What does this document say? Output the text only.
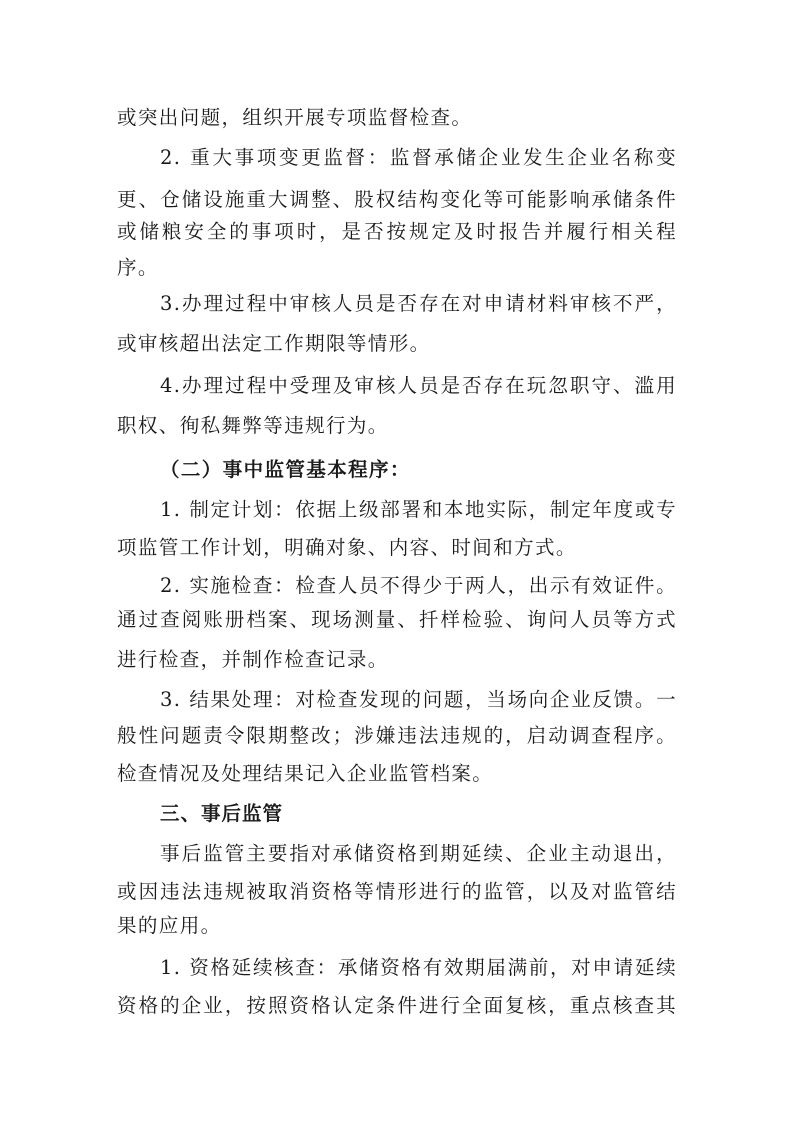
或突出问题，组织开展专项监督检查。
2. 重大事项变更监督：监督承储企业发生企业名称变
更、仓储设施重大调整、股权结构变化等可能影响承储条件
或储粮安全的事项时，是否按规定及时报告并履行相关程
序。
3.办理过程中审核人员是否存在对申请材料审核不严，
或审核超出法定工作期限等情形。
4.办理过程中受理及审核人员是否存在玩忽职守、滥用
职权、徇私舞弊等违规行为。
（二）事中监管基本程序：
1. 制定计划：依据上级部署和本地实际，制定年度或专
项监管工作计划，明确对象、内容、时间和方式。
2. 实施检查：检查人员不得少于两人，出示有效证件。
通过查阅账册档案、现场测量、扦样检验、询问人员等方式
进行检查，并制作检查记录。
3. 结果处理：对检查发现的问题，当场向企业反馈。一
般性问题责令限期整改；涉嫌违法违规的，启动调查程序。
检查情况及处理结果记入企业监管档案。
三、事后监管
事后监管主要指对承储资格到期延续、企业主动退出，
或因违法违规被取消资格等情形进行的监管，以及对监管结
果的应用。
1. 资格延续核查：承储资格有效期届满前，对申请延续
资格的企业，按照资格认定条件进行全面复核，重点核查其
